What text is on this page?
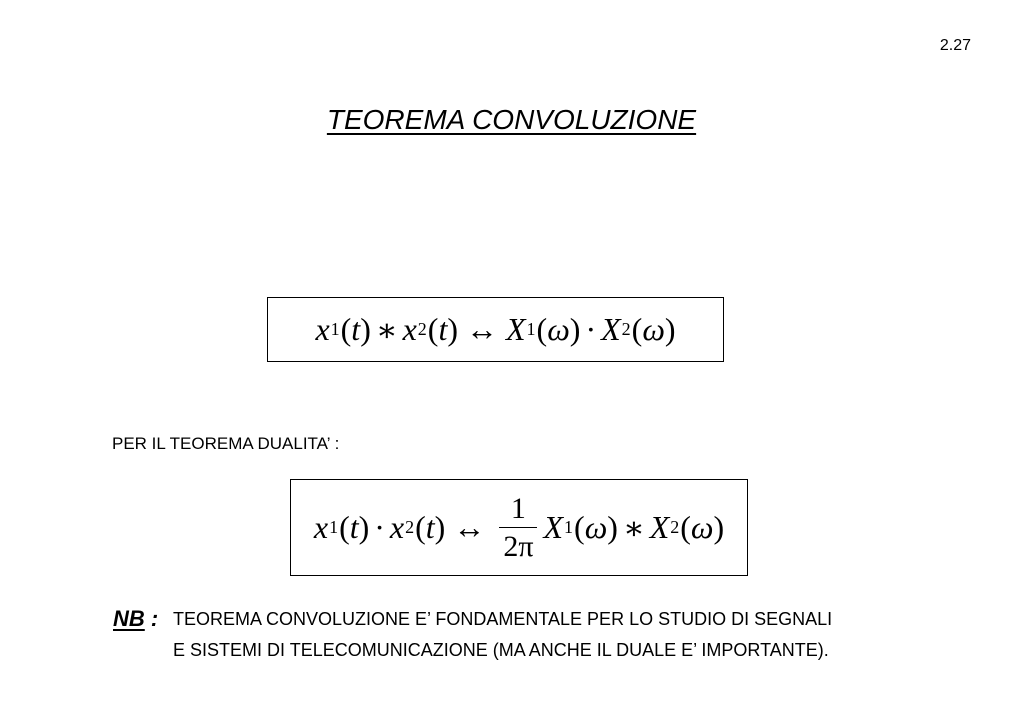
2.27
TEOREMA CONVOLUZIONE
x 1 ( t ) ∗ x 2 ( t ) ↔ X 1 ( ω ) · X 2 ( ω )
PER IL TEOREMA DUALITA’ :
x 1 ( t ) · x 2 ( t ) ↔ $\frac{1}{2\pi}$ X 1 ( ω ) ∗ X 2 ( ω )
NB : TEOREMA CONVOLUZIONE E’ FONDAMENTALE PER LO STUDIO DI SEGNALI
E SISTEMI DI TELECOMUNICAZIONE (MA ANCHE IL DUALE E’ IMPORTANTE).
